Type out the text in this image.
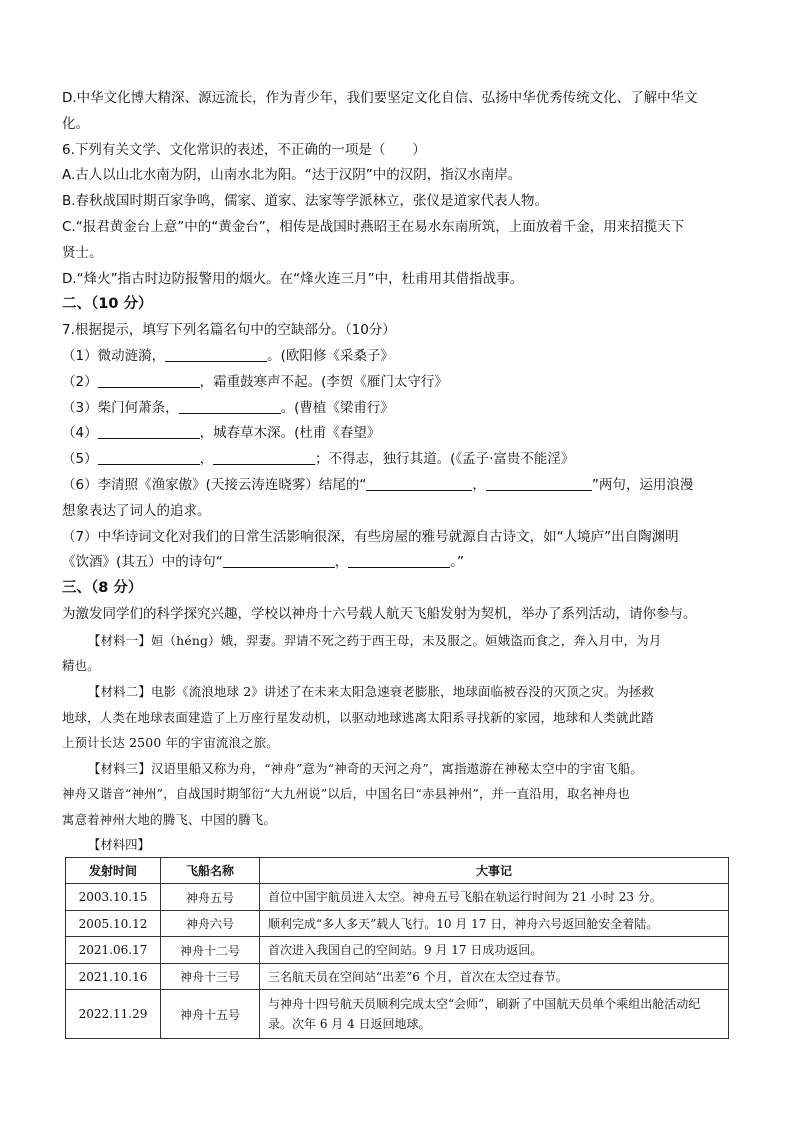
D.中华文化博大精深、源远流长，作为青少年，我们要坚定文化自信、弘扬中华优秀传统文化、了解中华文
化。
6.下列有关文学、文化常识的表述，不正确的一项是（　　）
A.古人以山北水南为阴，山南水北为阳。“达于汉阴”中的汉阴，指汉水南岸。
B.春秋战国时期百家争鸣，儒家、道家、法家等学派林立，张仪是道家代表人物。
C.“报君黄金台上意”中的“黄金台”，相传是战国时燕昭王在易水东南所筑，上面放着千金，用来招揽天下
贤士。
D.“烽火”指古时边防报警用的烟火。在“烽火连三月”中，杜甫用其借指战事。
二、（10 分）
7.根据提示，填写下列名篇名句中的空缺部分。（10分）
（1）微动涟漪，	。(欧阳修《采桑子》
（2）	，霜重鼓寒声不起。(李贺《雁门太守行》
（3）柴门何萧条，	。(曹植《梁甫行》
（4）	，城春草木深。(杜甫《春望》
（5）	，	；不得志，独行其道。(《孟子·富贵不能淫》
（6）李清照《渔家傲》(天接云涛连晓雾）结尾的“	，	”两句，运用浪漫
想象表达了词人的追求。
（7）中华诗词文化对我们的日常生活影响很深，有些房屋的雅号就源自古诗文，如“人境庐”出自陶渊明
《饮酒》(其五）中的诗句“	，	。”
三、（8 分）
为激发同学们的科学探究兴趣，学校以神舟十六号载人航天飞船发射为契机，举办了系列活动，请你参与。
【材料一】姮（héng）娥，羿妻。羿请不死之药于西王母，未及服之。姮娥盗而食之，奔入月中，为月
精也。
【材料二】电影《流浪地球 2》讲述了在未来太阳急速衰老膨胀，地球面临被吞没的灭顶之灾。为拯救
地球，人类在地球表面建造了上万座行星发动机，以驱动地球逃离太阳系寻找新的家园，地球和人类就此踏
上预计长达 2500 年的宇宙流浪之旅。
【材料三】汉语里船又称为舟，“神舟”意为“神奇的天河之舟”，寓指遨游在神秘太空中的宇宙飞船。
神舟又谐音“神州”，自战国时期邹衍“大九州说”以后，中国名曰“赤县神州”，并一直沿用，取名神舟也
寓意着神州大地的腾飞、中国的腾飞。
【材料四】
发射时间	飞船名称	大事记
2003.10.15	神舟五号	首位中国宇航员进入太空。神舟五号飞船在轨运行时间为 21 小时 23 分。
2005.10.12	神舟六号	顺利完成“多人多天”载人飞行。10 月 17 日，神舟六号返回舱安全着陆。
2021.06.17	神舟十二号	首次进入我国自己的空间站。9 月 17 日成功返回。
2021.10.16	神舟十三号	三名航天员在空间站“出差”6 个月，首次在太空过春节。
2022.11.29	神舟十五号	与神舟十四号航天员顺利完成太空“会师”，刷新了中国航天员单个乘组出舱活动纪录。次年 6 月 4 日返回地球。
